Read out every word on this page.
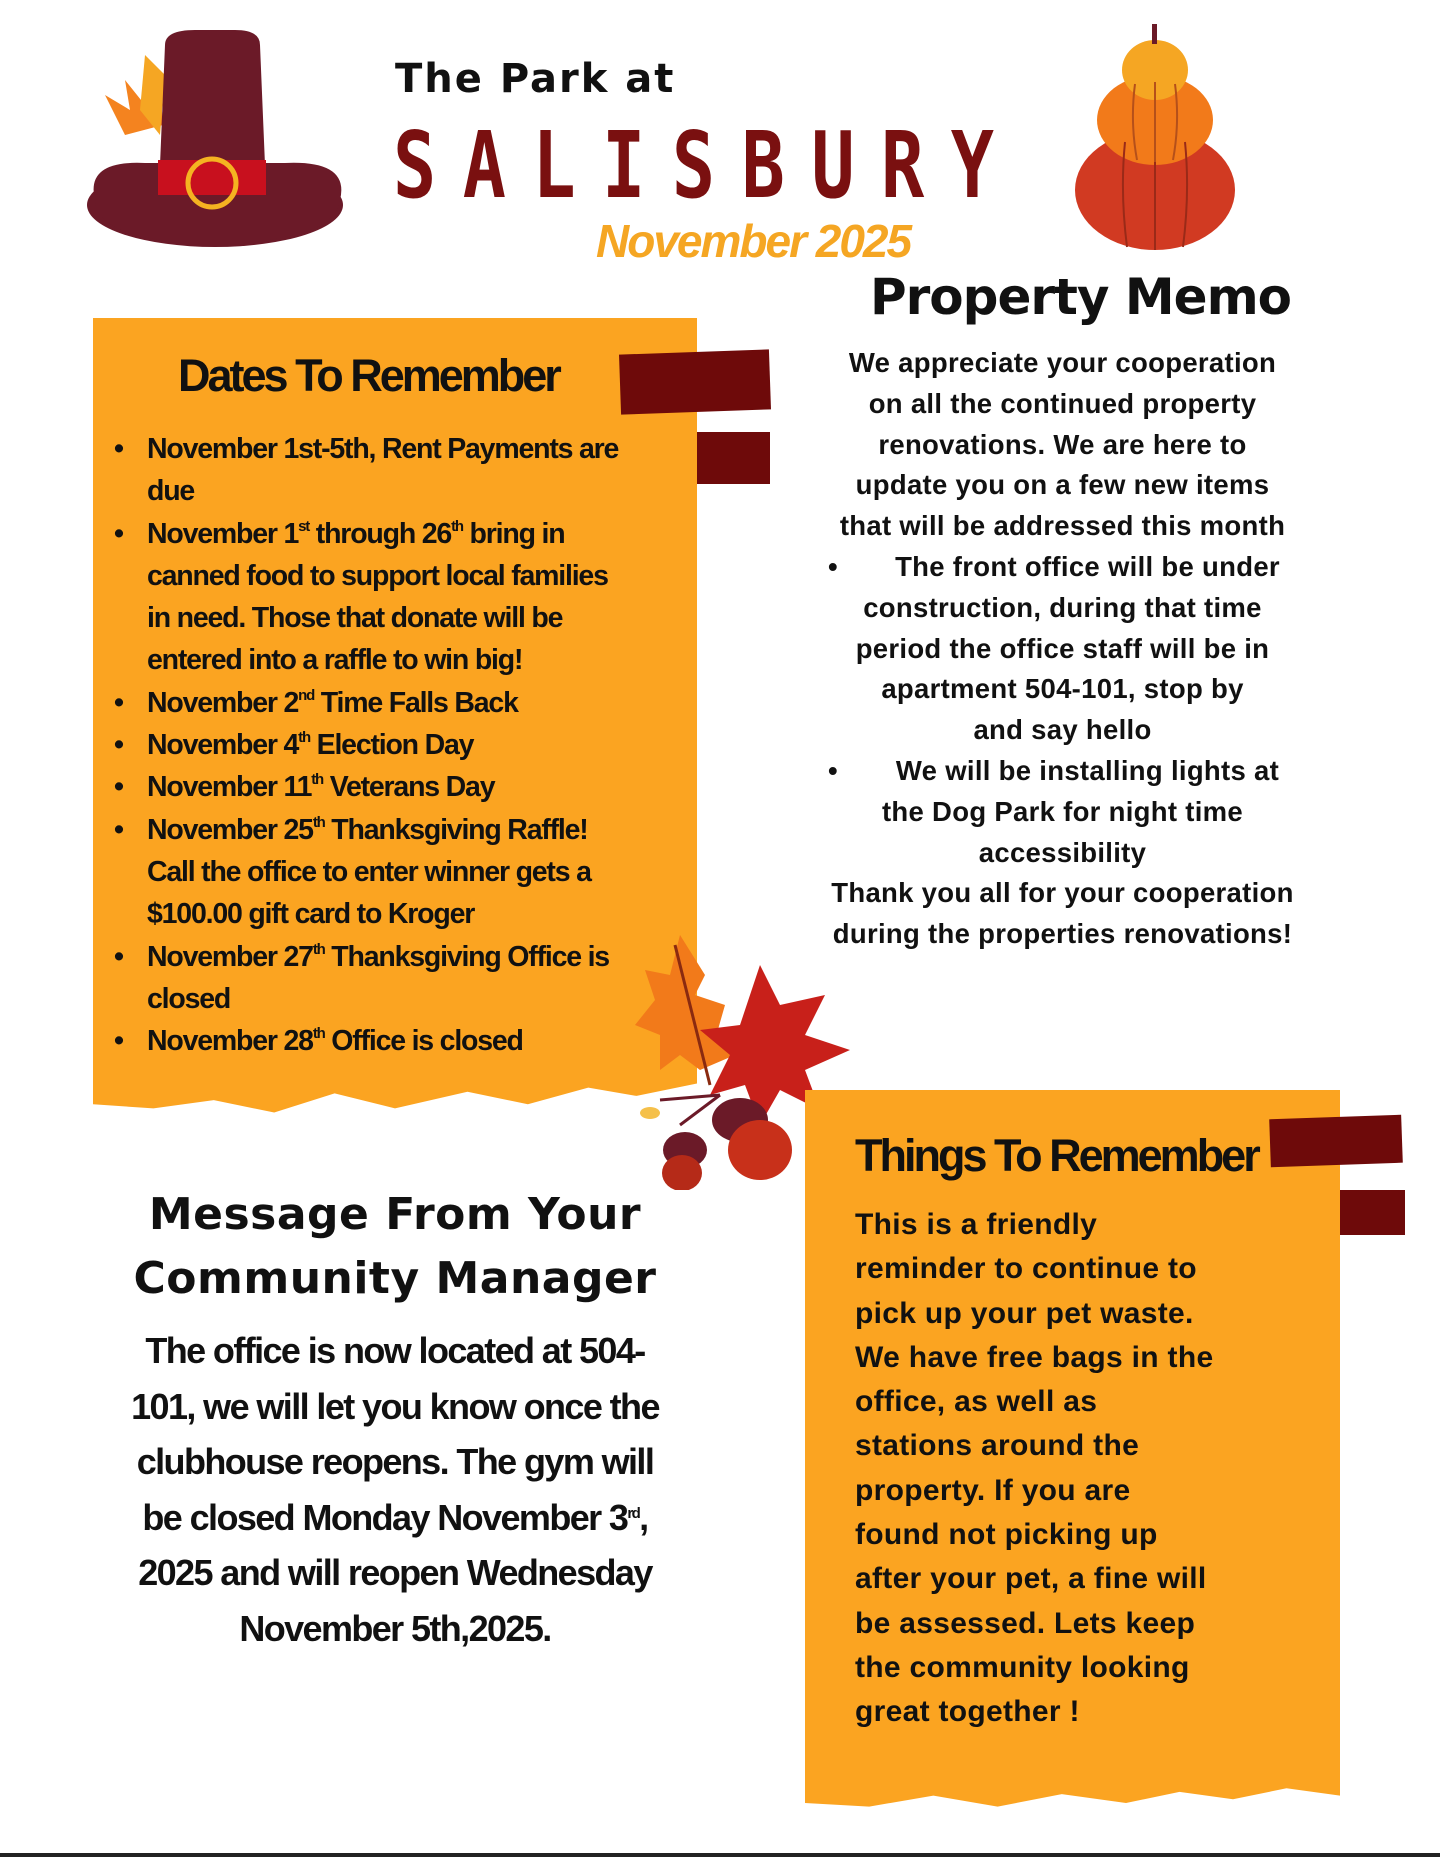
The Park at
SALISBURY
November 2025
Property Memo
Dates To Remember
• November 1st-5th, Rent Payments are
due
• November 1st through 26th bring in
canned food to support local families
in need. Those that donate will be
entered into a raffle to win big!
• November 2nd Time Falls Back
• November 4th Election Day
• November 11th Veterans Day
• November 25th Thanksgiving Raffle!
Call the office to enter winner gets a
$100.00 gift card to Kroger
• November 27th Thanksgiving Office is
closed
• November 28th Office is closed
We appreciate your cooperation
on all the continued property
renovations. We are here to
update you on a few new items
that will be addressed this month
• The front office will be under
construction, during that time
period the office staff will be in
apartment 504-101, stop by
and say hello
• We will be installing lights at
the Dog Park for night time
accessibility
Thank you all for your cooperation
during the properties renovations!
Message From Your
Community Manager
The office is now located at 504-
101, we will let you know once the
clubhouse reopens. The gym will
be closed Monday November 3rd,
2025 and will reopen Wednesday
November 5th,2025.
Things To Remember
This is a friendly
reminder to continue to
pick up your pet waste.
We have free bags in the
office, as well as
stations around the
property. If you are
found not picking up
after your pet, a fine will
be assessed. Lets keep
the community looking
great together !
